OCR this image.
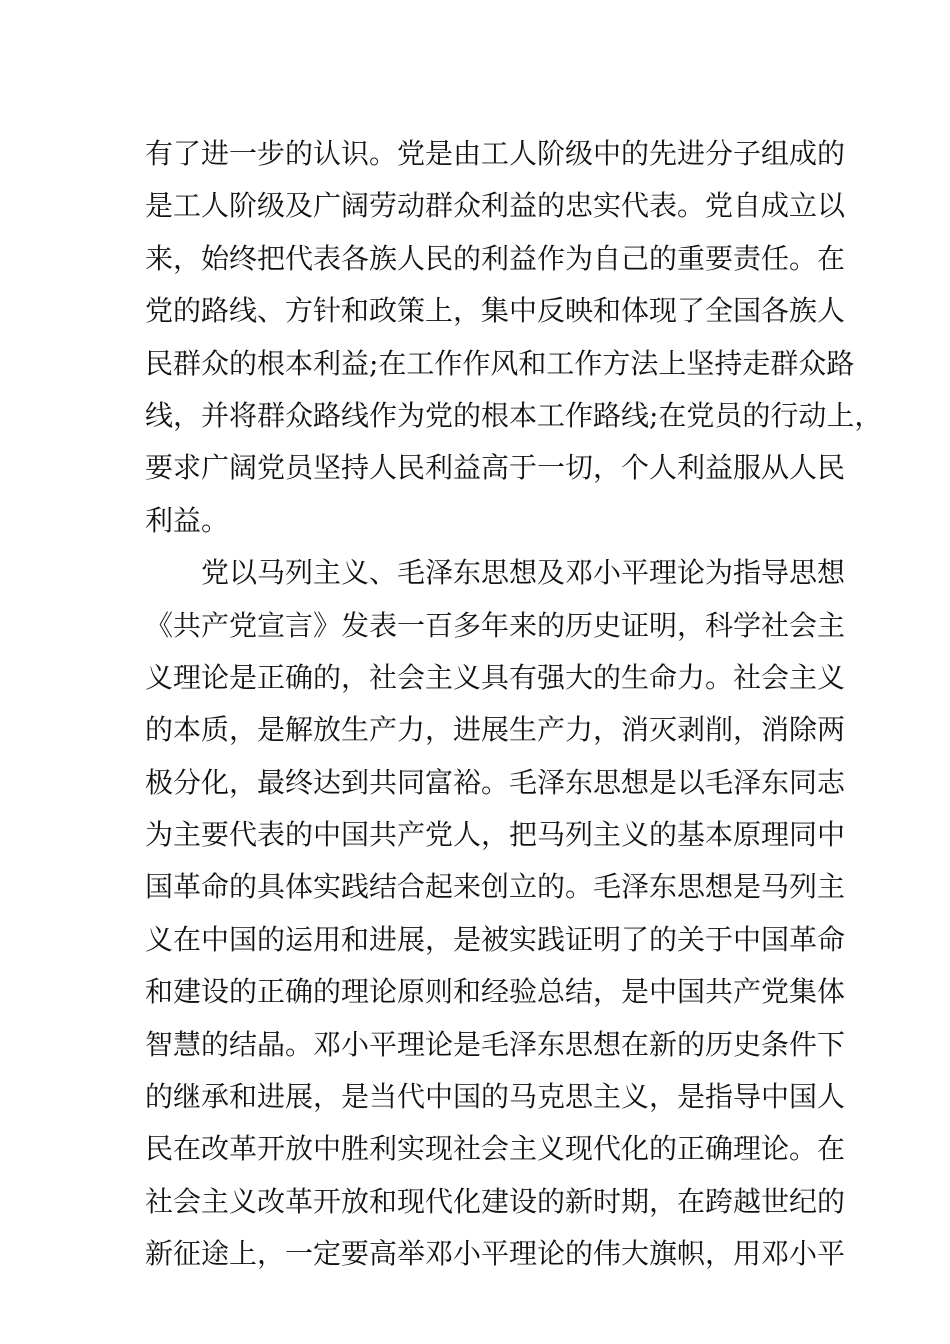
有了进一步的认识。党是由工人阶级中的先进分子组成的
是工人阶级及广阔劳动群众利益的忠实代表。党自成立以
来，始终把代表各族人民的利益作为自己的重要责任。在
党的路线、方针和政策上，集中反映和体现了全国各族人
民群众的根本利益;在工作作风和工作方法上坚持走群众路
线，并将群众路线作为党的根本工作路线;在党员的行动上，
要求广阔党员坚持人民利益高于一切，个人利益服从人民
利益。
党以马列主义、毛泽东思想及邓小平理论为指导思想
《共产党宣言》发表一百多年来的历史证明，科学社会主
义理论是正确的，社会主义具有强大的生命力。社会主义
的本质，是解放生产力，进展生产力，消灭剥削，消除两
极分化，最终达到共同富裕。毛泽东思想是以毛泽东同志
为主要代表的中国共产党人，把马列主义的基本原理同中
国革命的具体实践结合起来创立的。毛泽东思想是马列主
义在中国的运用和进展，是被实践证明了的关于中国革命
和建设的正确的理论原则和经验总结，是中国共产党集体
智慧的结晶。邓小平理论是毛泽东思想在新的历史条件下
的继承和进展，是当代中国的马克思主义，是指导中国人
民在改革开放中胜利实现社会主义现代化的正确理论。在
社会主义改革开放和现代化建设的新时期，在跨越世纪的
新征途上，一定要高举邓小平理论的伟大旗帜，用邓小平
